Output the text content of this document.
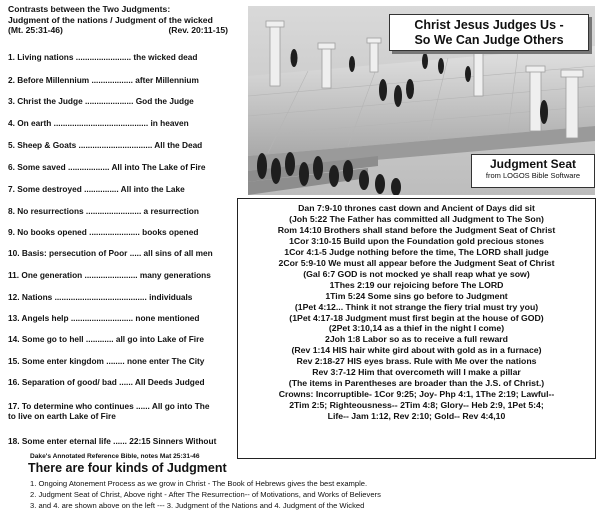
Contrasts between the Two Judgments:
Judgment of the nations / Judgment of the wicked
(Mt. 25:31-46)	(Rev. 20:11-15)
1. Living nations ........................ the wicked dead
2. Before Millennium .................. after Millennium
3. Christ the Judge ..................... God the Judge
4. On earth ......................................... in heaven
5. Sheep & Goats ................................ All the Dead
6. Some saved .................. All into The Lake of Fire
7. Some destroyed ............... All into the Lake
8. No resurrections ........................ a resurrection
9. No books opened ...................... books opened
10. Basis: persecution of Poor ..... all sins of all men
11. One generation ....................... many generations
12. Nations ........................................ individuals
13. Angels help ........................... none mentioned
14. Some go to hell ............ all go into Lake of Fire
15. Some enter kingdom ........ none enter The City
16. Separation of good/ bad ...... All Deeds Judged
17. To determine who continues ...... All go into The
to live on earth Lake of Fire
18. Some enter eternal life ...... 22:15 Sinners Without
Dake's Annotated Reference Bible, notes Mat 25:31-46
Christ Jesus Judges Us -
So We Can Judge Others
Judgment Seat
from LOGOS Bible Software
Dan 7:9-10 thrones cast down and Ancient of Days did sit
(Joh 5:22 The Father has committed all Judgment to The Son)
Rom 14:10 Brothers shall stand before the Judgment Seat of Christ
1Cor 3:10-15 Build upon the Foundation gold precious stones
1Cor 4:1-5 Judge nothing before the time, The LORD shall judge
2Cor 5:9-10 We must all appear before the Judgment Seat of Christ
(Gal 6:7 GOD is not mocked ye shall reap what ye sow)
1Thes 2:19 our rejoicing before The LORD
1Tim 5:24 Some sins go before to Judgment
(1Pet 4:12... Think it not strange the fiery trial must try you)
(1Pet 4:17-18 Judgment must first begin at the house of GOD)
(2Pet 3:10,14 as a thief in the night I come)
2Joh 1:8 Labor so as to receive a full reward
(Rev 1:14 HIS hair white gird about with gold as in a furnace)
Rev 2:18-27 HIS eyes brass. Rule with Me over the nations
Rev 3:7-12 Him that overcometh will I make a pillar
(The items in Parentheses are broader than the J.S. of Christ.)
Crowns: Incorruptible- 1Cor 9:25; Joy- Php 4:1, 1The 2:19; Lawful--
2Tim 2:5; Righteousness-- 2Tim 4:8; Glory-- Heb 2:9, 1Pet 5:4;
Life-- Jam 1:12, Rev 2:10; Gold-- Rev 4:4,10
There are four kinds of Judgment
1. Ongoing Atonement Process as we grow in Christ - The Book of Hebrews gives the best example.
2. Judgment Seat of Christ, Above right - After The Resurrection-- of Motivations, and Works of Believers
3. and 4. are shown above on the left --- 3. Judgment of the Nations and 4. Judgment of the Wicked
